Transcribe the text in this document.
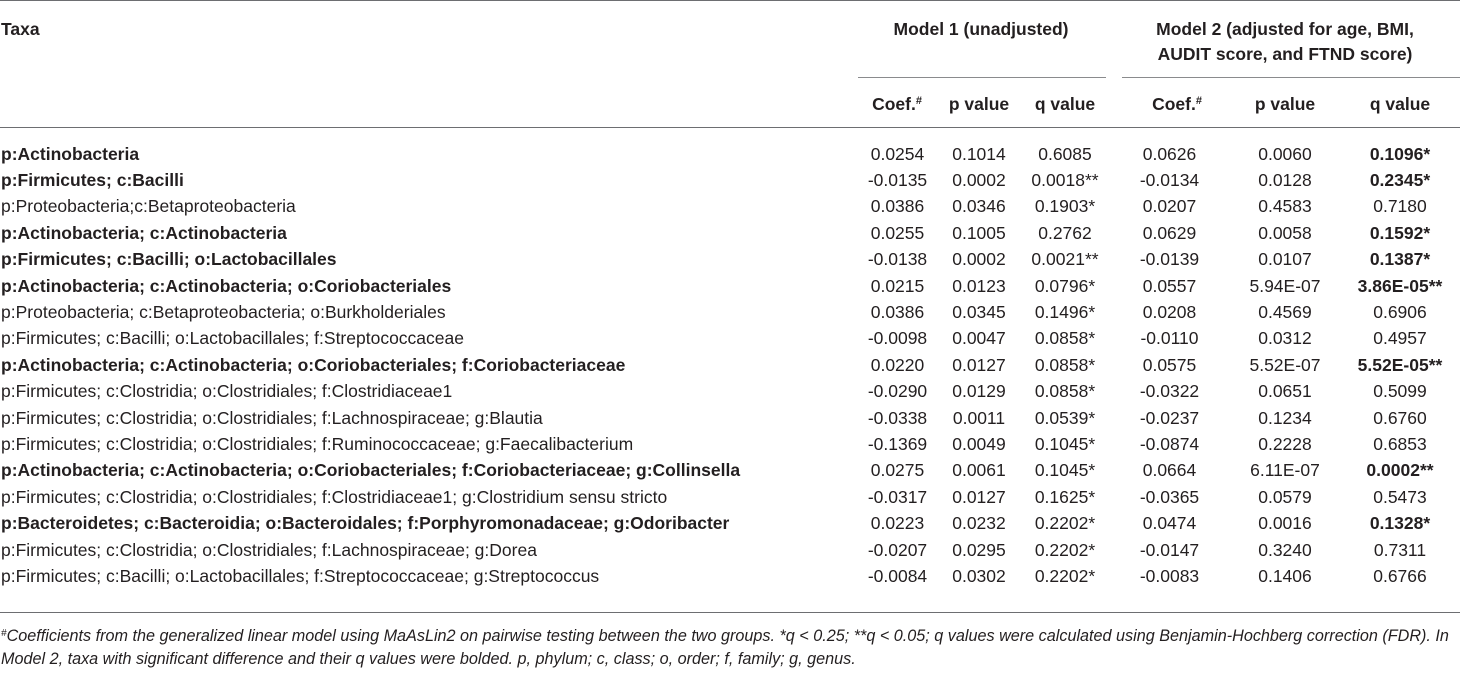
Taxa	Model 1 (unadjusted)	Model 2 (adjusted for age, BMI,
AUDIT score, and FTND score)
Coef.#	p value	q value	Coef.#	p value	q value
p:Actinobacteria	0.0254	0.1014	0.6085	0.0626	0.0060	0.1096*
p:Firmicutes; c:Bacilli	-0.0135	0.0002	0.0018**	-0.0134	0.0128	0.2345*
p:Proteobacteria;c:Betaproteobacteria	0.0386	0.0346	0.1903*	0.0207	0.4583	0.7180
p:Actinobacteria; c:Actinobacteria	0.0255	0.1005	0.2762	0.0629	0.0058	0.1592*
p:Firmicutes; c:Bacilli; o:Lactobacillales	-0.0138	0.0002	0.0021**	-0.0139	0.0107	0.1387*
p:Actinobacteria; c:Actinobacteria; o:Coriobacteriales	0.0215	0.0123	0.0796*	0.0557	5.94E-07	3.86E-05**
p:Proteobacteria; c:Betaproteobacteria; o:Burkholderiales	0.0386	0.0345	0.1496*	0.0208	0.4569	0.6906
p:Firmicutes; c:Bacilli; o:Lactobacillales; f:Streptococcaceae	-0.0098	0.0047	0.0858*	-0.0110	0.0312	0.4957
p:Actinobacteria; c:Actinobacteria; o:Coriobacteriales; f:Coriobacteriaceae	0.0220	0.0127	0.0858*	0.0575	5.52E-07	5.52E-05**
p:Firmicutes; c:Clostridia; o:Clostridiales; f:Clostridiaceae1	-0.0290	0.0129	0.0858*	-0.0322	0.0651	0.5099
p:Firmicutes; c:Clostridia; o:Clostridiales; f:Lachnospiraceae; g:Blautia	-0.0338	0.0011	0.0539*	-0.0237	0.1234	0.6760
p:Firmicutes; c:Clostridia; o:Clostridiales; f:Ruminococcaceae; g:Faecalibacterium	-0.1369	0.0049	0.1045*	-0.0874	0.2228	0.6853
p:Actinobacteria; c:Actinobacteria; o:Coriobacteriales; f:Coriobacteriaceae; g:Collinsella	0.0275	0.0061	0.1045*	0.0664	6.11E-07	0.0002**
p:Firmicutes; c:Clostridia; o:Clostridiales; f:Clostridiaceae1; g:Clostridium sensu stricto	-0.0317	0.0127	0.1625*	-0.0365	0.0579	0.5473
p:Bacteroidetes; c:Bacteroidia; o:Bacteroidales; f:Porphyromonadaceae; g:Odoribacter	0.0223	0.0232	0.2202*	0.0474	0.0016	0.1328*
p:Firmicutes; c:Clostridia; o:Clostridiales; f:Lachnospiraceae; g:Dorea	-0.0207	0.0295	0.2202*	-0.0147	0.3240	0.7311
p:Firmicutes; c:Bacilli; o:Lactobacillales; f:Streptococcaceae; g:Streptococcus	-0.0084	0.0302	0.2202*	-0.0083	0.1406	0.6766
#Coefficients from the generalized linear model using MaAsLin2 on pairwise testing between the two groups. *q < 0.25; **q < 0.05; q values were calculated using Benjamin-Hochberg correction (FDR). In Model 2, taxa with significant difference and their q values were bolded. p, phylum; c, class; o, order; f, family; g, genus.
